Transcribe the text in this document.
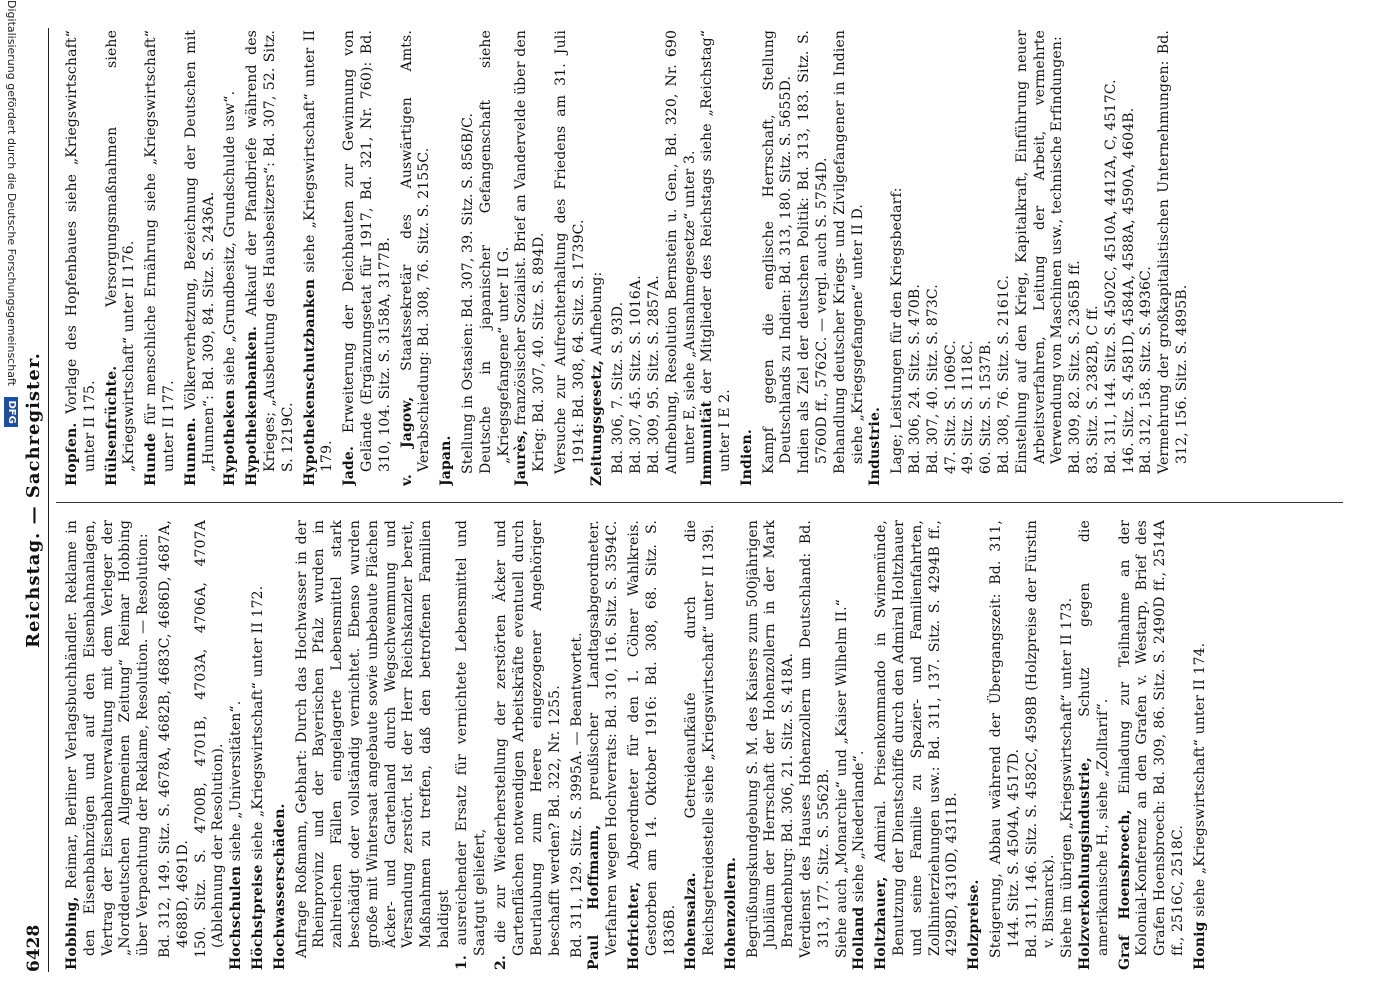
6428
Reichstag. — Sachregister.

Hobbing, Reimar, Berliner Verlagsbuchhändler. Reklame in den Eisenbahnzügen und auf den Eisenbahnanlagen, Vertrag der Eisenbahnverwaltung mit dem Verleger der „Norddeutschen Allgemeinen Zeitung“ Reimar Hobbing über Verpachtung der Reklame, Resolution. — Resolution: Bd. 312, 149. Sitz. S. 4678A, 4682B, 4683C, 4686D, 4687A, 4688D, 4691D. 150. Sitz. S. 4700B, 4701B, 4703A, 4706A, 4707A (Ablehnung der Resolution). Hochschulen siehe „Universitäten“.

Höchstpreise siehe „Kriegswirtschaft“ unter II 172.

Hochwasserschäden. Anfrage Roßmann, Gebhart: Durch das Hochwasser in der Rheinprovinz und der Bayerischen Pfalz wurden in zahlreichen Fällen eingelagerte Lebensmittel stark beschädigt oder vollständig vernichtet. Ebenso wurden große mit Wintersaat angebaute sowie unbebaute Flächen Äcker- und Gartenland durch Wegschwemmung und Versandung zerstört. Ist der Herr Reichskanzler bereit, Maßnahmen zu treffen, daß den betroffenen Familien baldigst

1. ausreichender Ersatz für vernichtete Lebensmittel und Saatgut geliefert,

2. die zur Wiederherstellung der zerstörten Äcker und Gartenflächen notwendigen Arbeitskräfte eventuell durch Beurlaubung zum Heere eingezogener Angehöriger beschafft werden? Bd. 322, Nr. 1255. Bd. 311, 129. Sitz. S. 3995A. — Beantwortet. Paul Hoffmann, preußischer Landtagsabgeordneter. Verfahren wegen Hochverrats: Bd. 310, 116. Sitz. S. 3594C. Hofrichter, Abgeordneter für den 1. Cölner Wahlkreis. Gestorben am 14. Oktober 1916: Bd. 308, 68. Sitz. S. 1836B. Hohensalza. Getreideaufkäufe durch die Reichsgetreidestelle siehe „Kriegswirtschaft“ unter II 139i. Hohenzollern. Begrüßungskundgebung S. M. des Kaisers zum 500jährigen Jubiläum der Herrschaft der Hohenzollern in der Mark Brandenburg: Bd. 306, 21. Sitz. S. 418A. Verdienst des Hauses Hohenzollern um Deutschland: Bd. 313, 177. Sitz. S. 5562B. Siehe auch „Monarchie“ und „Kaiser Wilhelm II.“ Holland siehe „Niederlande“.

Holtzhauer, Admiral. Prisenkommando in Swinemünde, Benutzung der Dienstschiffe durch den Admiral Holtzhauer und seine Familie zu Spazier- und Familienfahrten, Zollhinterziehungen usw.: Bd. 311, 137. Sitz. S. 4294B ff., 4298D, 4310D, 4311B. Holzpreise. Steigerung, Abbau während der Übergangszeit: Bd. 311, 144. Sitz. S. 4504A, 4517D. Bd. 311, 146. Sitz. S. 4582C, 4598B (Holzpreise der Fürstin v. Bismarck). Siehe im übrigen „Kriegswirtschaft“ unter II 173. Holzverkohlungsindustrie, Schutz gegen die amerikanische H., siehe „Zolltarif“. Graf Hoensbroech, Einladung zur Teilnahme an der Kolonial-Konferenz an den Grafen v. Westarp, Brief des Grafen Hoensbroech: Bd. 309, 86. Sitz. S. 2490D ff., 2514A ff., 2516C, 2518C. Honig siehe „Kriegswirtschaft“ unter II 174.

Hopfen. Vorlage des Hopfenbaues siehe „Kriegswirtschaft“ unter II 175. Hülsenfrüchte. Versorgungsmaßnahmen siehe „Kriegswirtschaft“ unter II 176. Hunde für menschliche Ernährung siehe „Kriegswirtschaft“ unter II 177. Hunnen. Völkerverhetzung, Bezeichnung der Deutschen mit „Hunnen“: Bd. 309, 84. Sitz. S. 2436A. Hypotheken siehe „Grundbesitz, Grundschulde usw“.

Hypothekenbanken. Ankauf der Pfandbriefe während des Krieges; „Ausbeutung des Hausbesitzers“: Bd. 307, 52. Sitz. S. 1219C. Hypothekenschutzbanken siehe „Kriegswirtschaft“ unter II 179. Jade. Erweiterung der Deichbauten zur Gewinnung von Gelände (Ergänzungsetat für 1917, Bd. 321, Nr. 760): Bd. 310, 104. Sitz. S. 3158A, 3177B. v. Jagow, Staatssekretär des Auswärtigen Amts. Verabschiedung: Bd. 308, 76. Sitz. S. 2155C. Japan. Stellung in Ostasien: Bd. 307, 39. Sitz. S. 856B/C. Deutsche in japanischer Gefangenschaft siehe „Kriegsgefangene“ unter II G. Jaurès, französischer Sozialist. Brief an Vandervelde über den Krieg: Bd. 307, 40. Sitz. S. 894D. Versuche zur Aufrechterhaltung des Friedens am 31. Juli 1914: Bd. 308, 64. Sitz. S. 1739C. Zeitungsgesetz, Aufhebung: Bd. 306, 7. Sitz. S. 93D. Bd. 307, 45. Sitz. S. 1016A. Bd. 309, 95. Sitz. S. 2857A. Aufhebung, Resolution Bernstein u. Gen., Bd. 320, Nr. 690 unter E, siehe „Ausnahmegesetze“ unter 3. Immunität der Mitglieder des Reichstags siehe „Reichstag“ unter I E 2. Indien. Kampf gegen die englische Herrschaft, Stellung Deutschlands zu Indien: Bd. 313, 180. Sitz. S. 5655D. Indien als Ziel der deutschen Politik: Bd. 313, 183. Sitz. S. 5760D ff., 5762C. — vergl. auch S. 5754D. Behandlung deutscher Kriegs- und Zivilgefangener in Indien siehe „Kriegsgefangene“ unter II D. Industrie. Lage; Leistungen für den Kriegsbedarf: Bd. 306, 24. Sitz. S. 470B. Bd. 307, 40. Sitz. S. 873C. 47. Sitz. S. 1069C. 49. Sitz. S. 1118C. 60. Sitz. S. 1537B. Bd. 308, 76. Sitz. S. 2161C. Einstellung auf den Krieg, Kapitalkraft, Einführung neuer Arbeitsverfahren, Leitung der Arbeit, vermehrte Verwendung von Maschinen usw., technische Erfindungen: Bd. 309, 82. Sitz. S. 2365B ff. 83. Sitz. S. 2382B, C ff. Bd. 311, 144. Sitz. S. 4502C, 4510A, 4412A, C, 4517C. 146. Sitz. S. 4581D, 4584A, 4588A, 4590A, 4604B. Bd. 312, 158. Sitz. S. 4936C. Vermehrung der großkapitalistischen Unternehmungen: Bd. 312, 156. Sitz. S. 4895B.

Digitalisierung gefördert durch die Deutsche Forschungsgemeinschaft DFG
